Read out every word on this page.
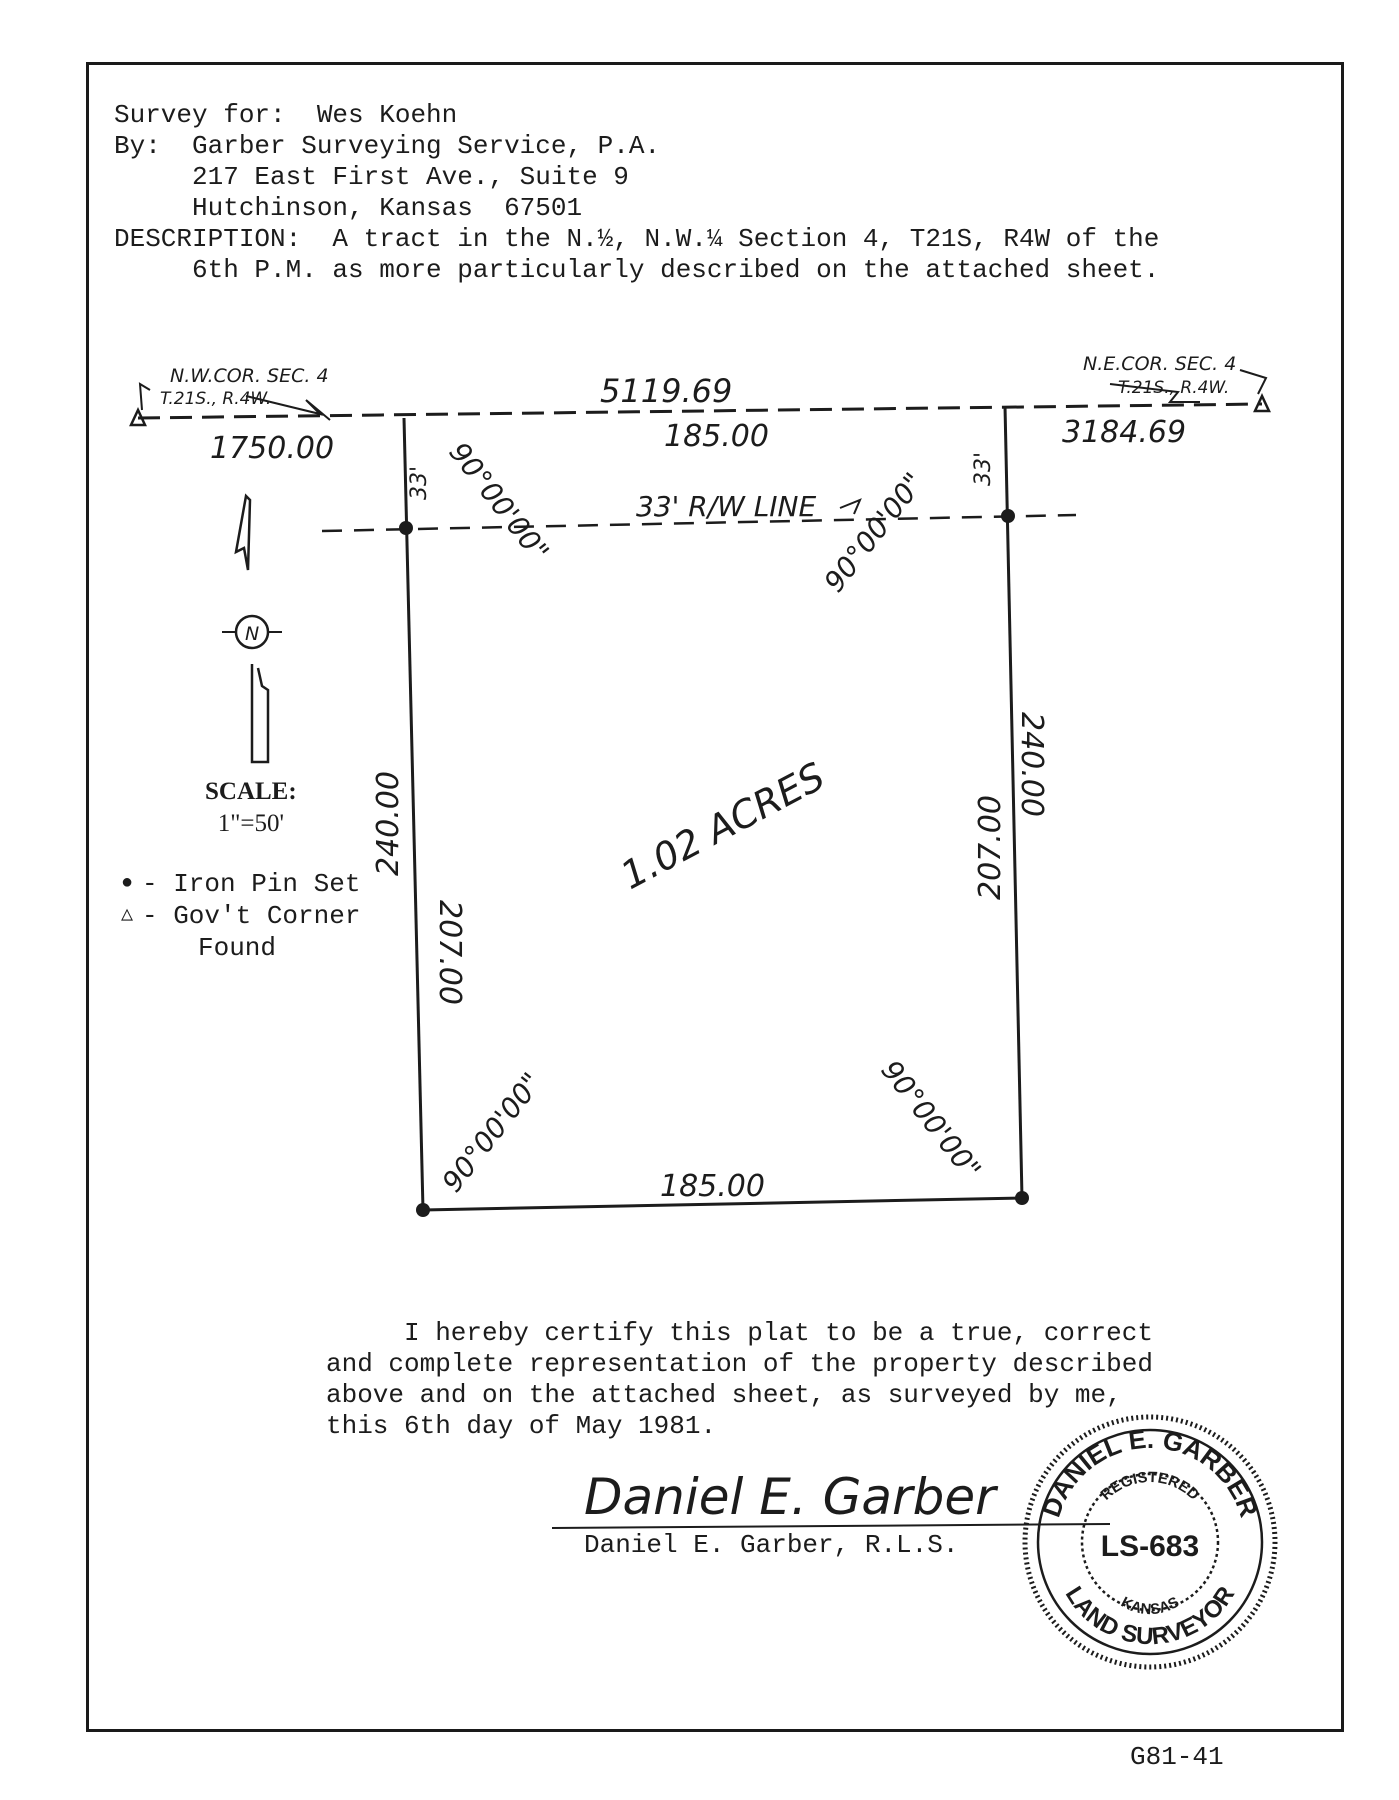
Survey for:  Wes Koehn
By:  Garber Surveying Service, P.A.
217 East First Ave., Suite 9
Hutchinson, Kansas  67501
DESCRIPTION:  A tract in the N.½, N.W.¼ Section 4, T21S, R4W of the
6th P.M. as more particularly described on the attached sheet.
N.W.COR. SEC. 4
T.21S., R.4W.
N.E.COR. SEC. 4
T.21S., R.4W.
5119.69
1750.00	3184.69
185.00
185.00
33' R/W LINE
33'	33'
240.00
207.00
207.00
240.00
90°00'00"	90°00'00"
90°00'00"	90°00'00"
1.02 ACRES
N
Daniel E. Garber DANIEL E. GARBER
REGISTERED
LS-683
KANSAS
LAND SURVEYOR
SCALE:
1"=50'
● - Iron Pin Set
△ - Gov't Corner
Found
I hereby certify this plat to be a true, correct
and complete representation of the property described
above and on the attached sheet, as surveyed by me,
this 6th day of May 1981.
Daniel E. Garber, R.L.S.
G81-41
